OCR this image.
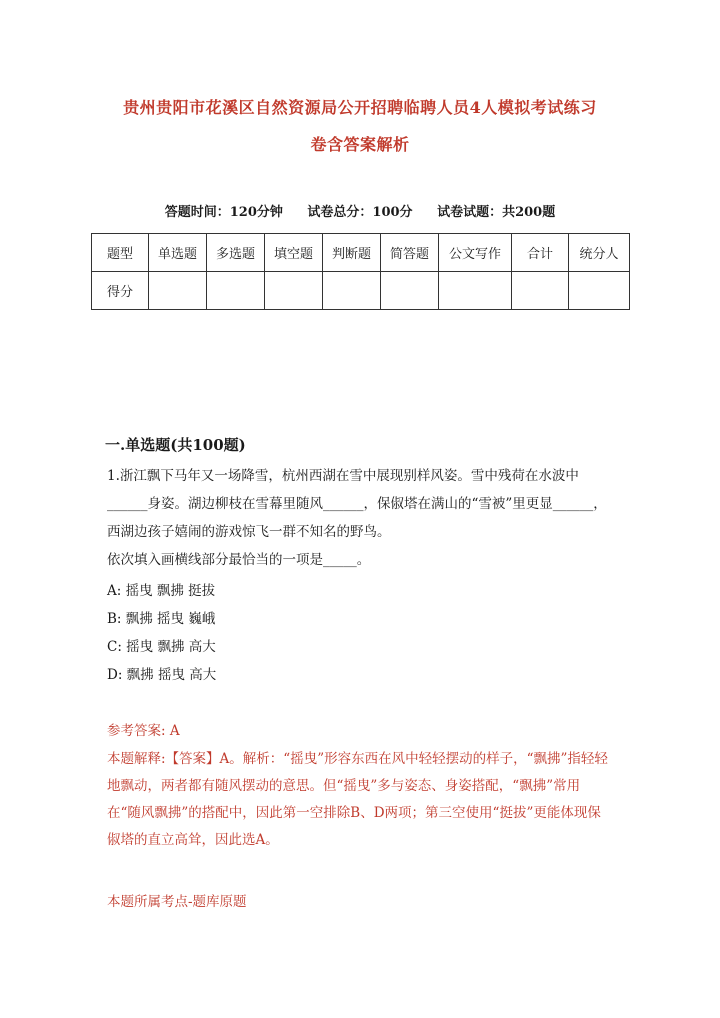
贵州贵阳市花溪区自然资源局公开招聘临聘人员4人模拟考试练习
卷含答案解析
答题时间：120分钟 试卷总分：100分 试卷试题：共200题
题型	单选题	多选题	填空题	判断题	简答题	公文写作	合计	统分人
得分								
一.单选题(共100题)
1.浙江飘下马年又一场降雪，杭州西湖在雪中展现别样风姿。雪中残荷在水波中______身姿。湖边柳枝在雪幕里随风______，保俶塔在满山的“雪被”里更显______，西湖边孩子嬉闹的游戏惊飞一群不知名的野鸟。
依次填入画横线部分最恰当的一项是_____。
A: 摇曳 飘拂 挺拔
B: 飘拂 摇曳 巍峨
C: 摇曳 飘拂 高大
D: 飘拂 摇曳 高大
参考答案: A
本题解释:【答案】A。解析：“摇曳”形容东西在风中轻轻摆动的样子，“飘拂”指轻轻地飘动，两者都有随风摆动的意思。但“摇曳”多与姿态、身姿搭配，“飘拂”常用在“随风飘拂”的搭配中，因此第一空排除B、D两项；第三空使用“挺拔”更能体现保俶塔的直立高耸，因此选A。
本题所属考点-题库原题
